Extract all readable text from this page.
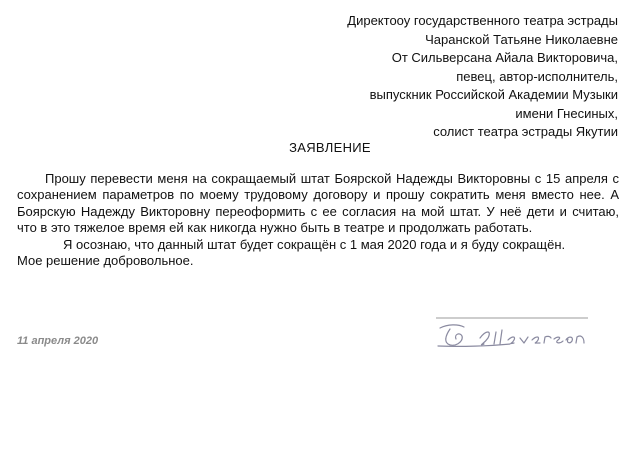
Директооу государственного театра эстрады
Чаранской Татьяне Николаевне
От Сильверсана Айала Викторовича,
певец, автор-исполнитель,
выпускник Российской Академии Музыки
имени Гнесиных,
солист театра эстрады Якутии
ЗАЯВЛЕНИЕ

Прошу перевести меня на сокращаемый штат Боярской Надежды Викторовны с 15 апреля с сохранением параметров по моему трудовому договору и прошу сократить меня вместо нее. А Боярскую Надежду Викторовну переоформить с ее согласия на мой штат. У неё дети и считаю, что в это тяжелое время ей как никогда нужно быть в театре и продолжать работать.

Я осознаю, что данный штат будет сокращён с 1 мая 2020 года и я буду сокращён.

Мое решение добровольное.

11 апреля 2020
